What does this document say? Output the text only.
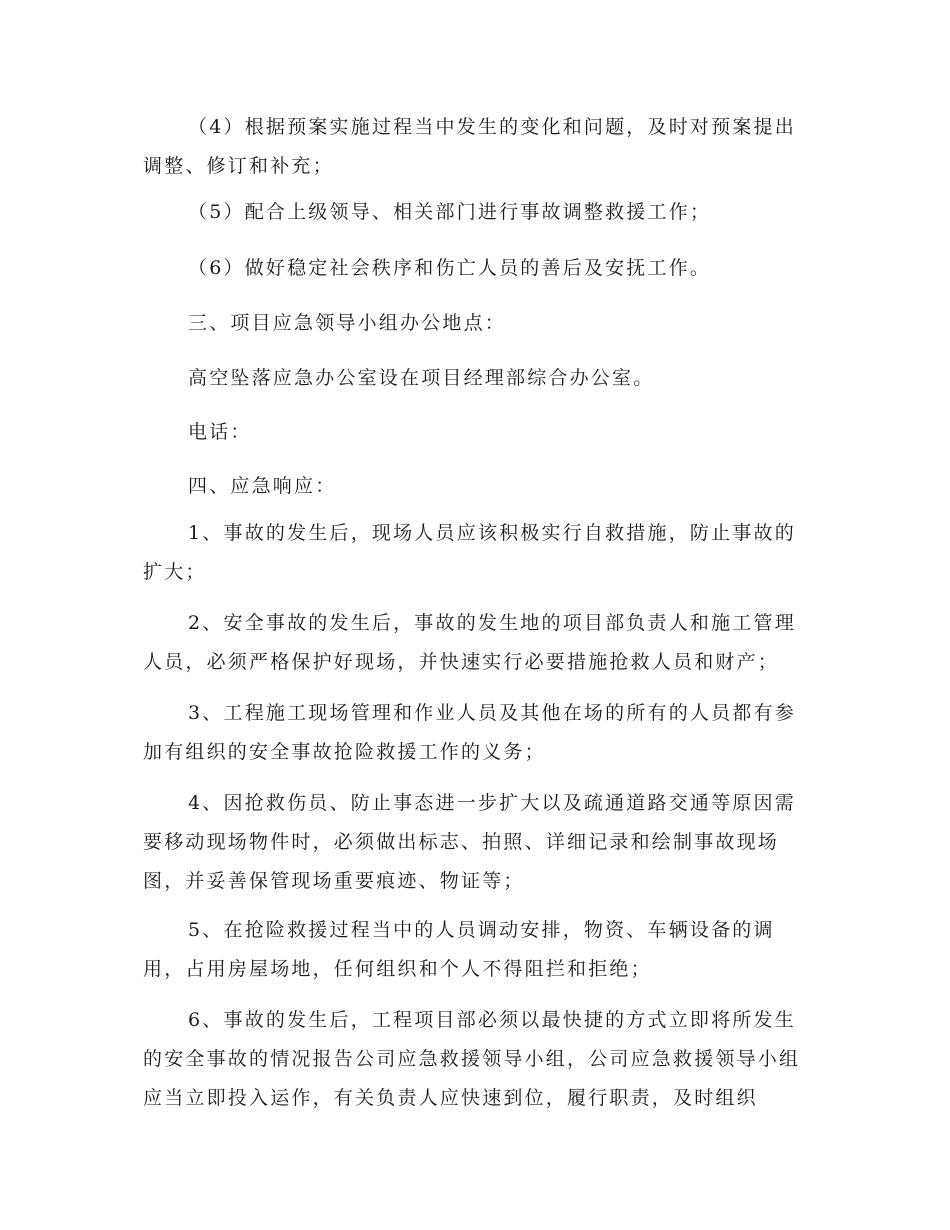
（4）根据预案实施过程当中发生的变化和问题，及时对预案提出调整、修订和补充；

（5）配合上级领导、相关部门进行事故调整救援工作；

（6）做好稳定社会秩序和伤亡人员的善后及安抚工作。

三、项目应急领导小组办公地点：

高空坠落应急办公室设在项目经理部综合办公室。

电话：

四、应急响应：

1、事故的发生后，现场人员应该积极实行自救措施，防止事故的扩大；

2、安全事故的发生后，事故的发生地的项目部负责人和施工管理人员，必须严格保护好现场，并快速实行必要措施抢救人员和财产；

3、工程施工现场管理和作业人员及其他在场的所有的人员都有参加有组织的安全事故抢险救援工作的义务；

4、因抢救伤员、防止事态进一步扩大以及疏通道路交通等原因需要移动现场物件时，必须做出标志、拍照、详细记录和绘制事故现场图，并妥善保管现场重要痕迹、物证等；

5、在抢险救援过程当中的人员调动安排，物资、车辆设备的调用，占用房屋场地，任何组织和个人不得阻拦和拒绝；

6、事故的发生后，工程项目部必须以最快捷的方式立即将所发生的安全事故的情况报告公司应急救援领导小组，公司应急救援领导小组应当立即投入运作，有关负责人应快速到位，履行职责，及时组织
